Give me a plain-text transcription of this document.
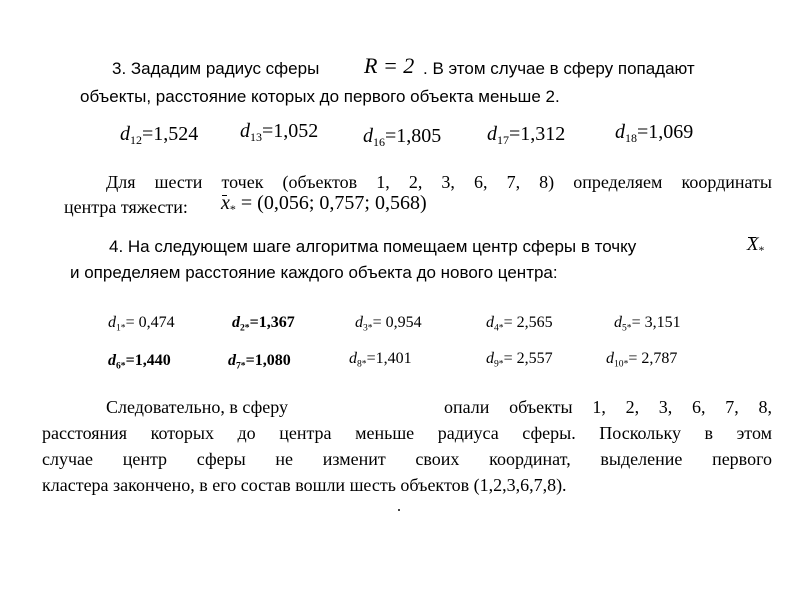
3. Зададим радиус сферы R = 2 . В этом случае в сферу попадают
объекты, расстояние которых до первого объекта меньше 2.
$d_{12}=1,524$ $d_{13}=1,052$ $d_{16}=1,805$ $d_{17}=1,312$ $d_{18}=1,069$
Для шести точек (объектов 1, 2, 3, 6, 7, 8) определяем координаты
центра тяжести: $x_* = (0,056$; 0,757; 0,568)
4. На следующем шаге алгоритма помещаем центр сферы в точку	$X_*$
и определяем расстояние каждого объекта до нового центра:
$d_{1*}= 0,474$	$d_{2*}=1,367$	$d_{3*}= 0,954$	$d_{4*}= 2,565$	$d_{5*}= 3,151$
$d_{6*}=1,440$	$d_{7*}=1,080$	$d_{8*}=1,401$	$d_{9*}= 2,557$	$d_{10*}= 2,787$
Следовательно, в сферу	опали объекты 1, 2, 3, 6, 7, 8,
расстояния которых до центра меньше радиуса сферы. Поскольку в этом
случае центр сферы не изменит своих координат, выделение первого
кластера закончено, в его состав вошли шесть объектов (1,2,3,6,7,8).
